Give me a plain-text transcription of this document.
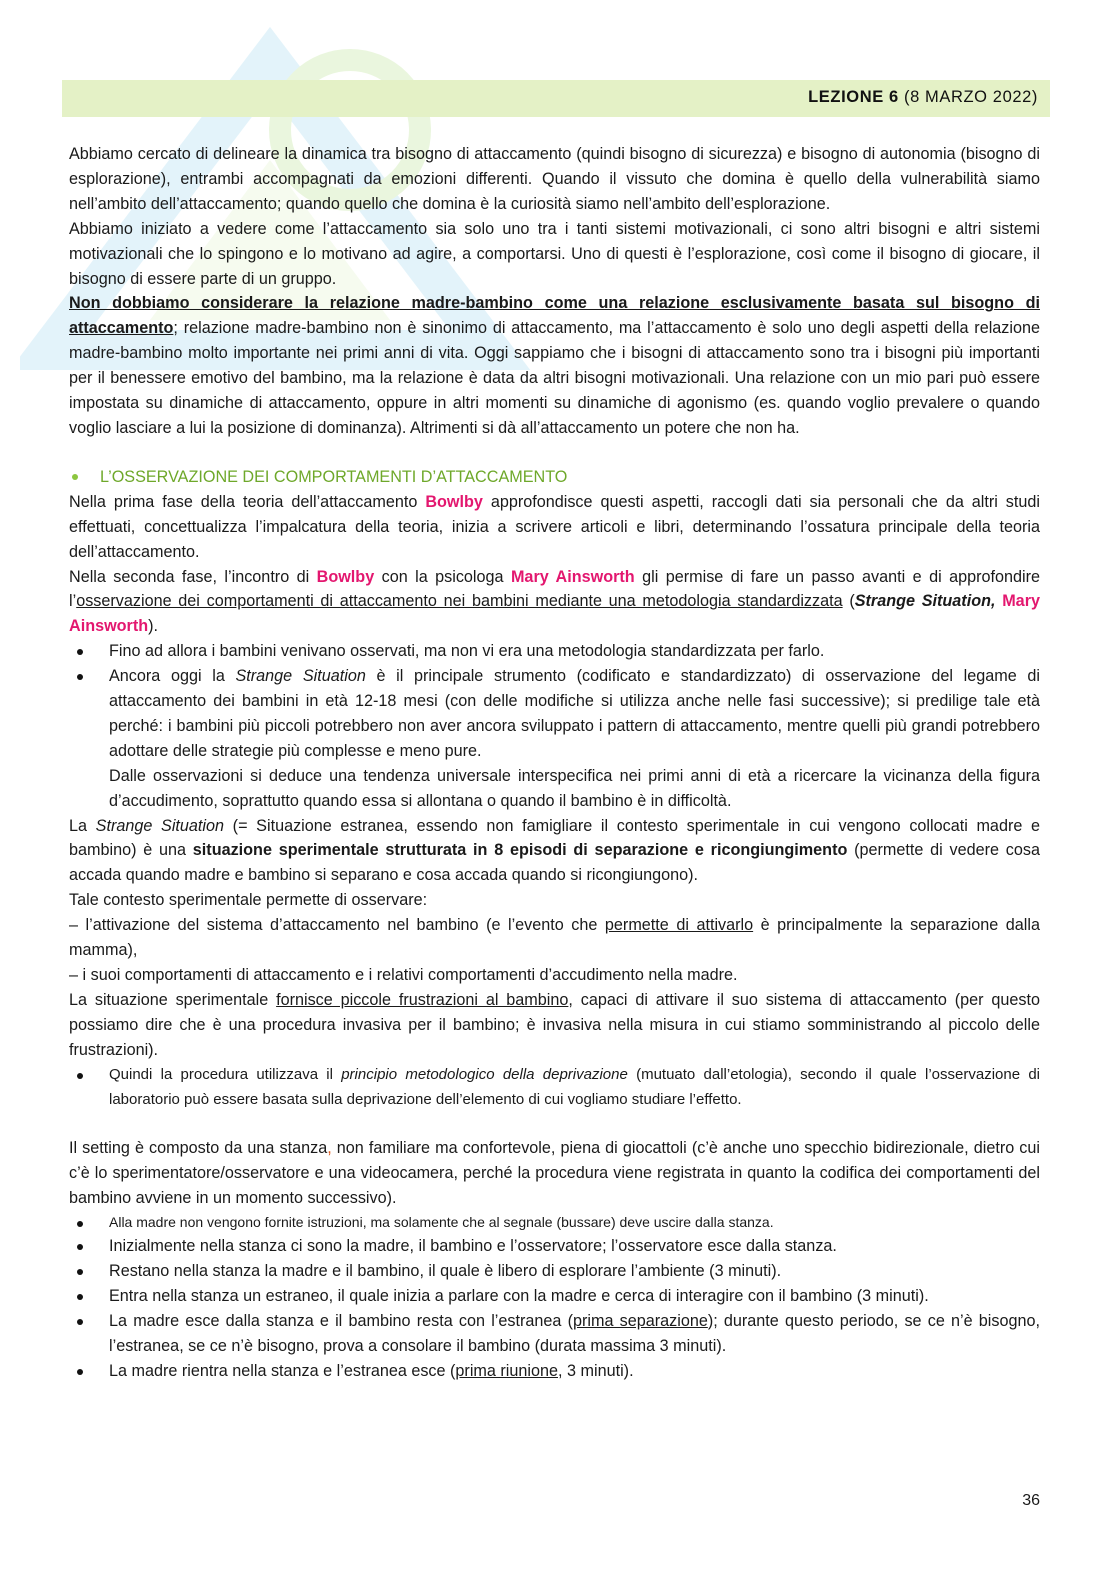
LEZIONE 6 (8 MARZO 2022)

Abbiamo cercato di delineare la dinamica tra bisogno di attaccamento (quindi bisogno di sicurezza) e bisogno di autonomia (bisogno di esplorazione), entrambi accompagnati da emozioni differenti. Quando il vissuto che domina è quello della vulnerabilità siamo nell’ambito dell’attaccamento; quando quello che domina è la curiosità siamo nell’ambito dell’esplorazione.

Abbiamo iniziato a vedere come l’attaccamento sia solo uno tra i tanti sistemi motivazionali, ci sono altri bisogni e altri sistemi motivazionali che lo spingono e lo motivano ad agire, a comportarsi. Uno di questi è l’esplorazione, così come il bisogno di giocare, il bisogno di essere parte di un gruppo.

Non dobbiamo considerare la relazione madre-bambino come una relazione esclusivamente basata sul bisogno di attaccamento; relazione madre-bambino non è sinonimo di attaccamento, ma l’attaccamento è solo uno degli aspetti della relazione madre-bambino molto importante nei primi anni di vita. Oggi sappiamo che i bisogni di attaccamento sono tra i bisogni più importanti per il benessere emotivo del bambino, ma la relazione è data da altri bisogni motivazionali. Una relazione con un mio pari può essere impostata su dinamiche di attaccamento, oppure in altri momenti su dinamiche di agonismo (es. quando voglio prevalere o quando voglio lasciare a lui la posizione di dominanza). Altrimenti si dà all’attaccamento un potere che non ha.

L’OSSERVAZIONE DEI COMPORTAMENTI D’ATTACCAMENTO

Nella prima fase della teoria dell’attaccamento Bowlby approfondisce questi aspetti, raccogli dati sia personali che da altri studi effettuati, concettualizza l’impalcatura della teoria, inizia a scrivere articoli e libri, determinando l’ossatura principale della teoria dell’attaccamento.

Nella seconda fase, l’incontro di Bowlby con la psicologa Mary Ainsworth gli permise di fare un passo avanti e di approfondire l’osservazione dei comportamenti di attaccamento nei bambini mediante una metodologia standardizzata (Strange Situation, Mary Ainsworth).

Fino ad allora i bambini venivano osservati, ma non vi era una metodologia standardizzata per farlo.
Ancora oggi la Strange Situation è il principale strumento (codificato e standardizzato) di osservazione del legame di attaccamento dei bambini in età 12-18 mesi (con delle modifiche si utilizza anche nelle fasi successive); si predilige tale età perché: i bambini più piccoli potrebbero non aver ancora sviluppato i pattern di attaccamento, mentre quelli più grandi potrebbero adottare delle strategie più complesse e meno pure.
Dalle osservazioni si deduce una tendenza universale interspecifica nei primi anni di età a ricercare la vicinanza della figura d’accudimento, soprattutto quando essa si allontana o quando il bambino è in difficoltà.

La Strange Situation (= Situazione estranea, essendo non famigliare il contesto sperimentale in cui vengono collocati madre e bambino) è una situazione sperimentale strutturata in 8 episodi di separazione e ricongiungimento (permette di vedere cosa accada quando madre e bambino si separano e cosa accada quando si ricongiungono).

Tale contesto sperimentale permette di osservare:

– l’attivazione del sistema d’attaccamento nel bambino (e l’evento che permette di attivarlo è principalmente la separazione dalla mamma),

– i suoi comportamenti di attaccamento e i relativi comportamenti d’accudimento nella madre.

La situazione sperimentale fornisce piccole frustrazioni al bambino, capaci di attivare il suo sistema di attaccamento (per questo possiamo dire che è una procedura invasiva per il bambino; è invasiva nella misura in cui stiamo somministrando al piccolo delle frustrazioni).

Quindi la procedura utilizzava il principio metodologico della deprivazione (mutuato dall’etologia), secondo il quale l’osservazione di laboratorio può essere basata sulla deprivazione dell’elemento di cui vogliamo studiare l’effetto.

Il setting è composto da una stanza, non familiare ma confortevole, piena di giocattoli (c’è anche uno specchio bidirezionale, dietro cui c’è lo sperimentatore/osservatore e una videocamera, perché la procedura viene registrata in quanto la codifica dei comportamenti del bambino avviene in un momento successivo).

Alla madre non vengono fornite istruzioni, ma solamente che al segnale (bussare) deve uscire dalla stanza.
Inizialmente nella stanza ci sono la madre, il bambino e l’osservatore; l’osservatore esce dalla stanza.
Restano nella stanza la madre e il bambino, il quale è libero di esplorare l’ambiente (3 minuti).
Entra nella stanza un estraneo, il quale inizia a parlare con la madre e cerca di interagire con il bambino (3 minuti).
La madre esce dalla stanza e il bambino resta con l’estranea (prima separazione); durante questo periodo, se ce n’è bisogno, l’estranea, se ce n’è bisogno, prova a consolare il bambino (durata massima 3 minuti).
La madre rientra nella stanza e l’estranea esce (prima riunione, 3 minuti).
36
